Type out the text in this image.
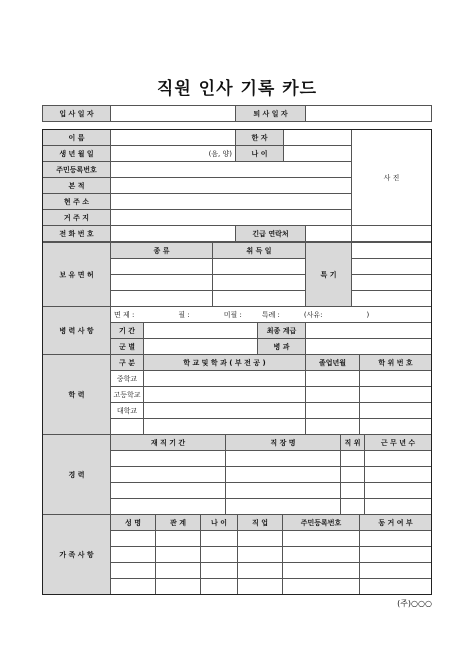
직원 인사 기록 카드
입 사 일 자	퇴 사 일 자
이 름	한 자
생 년 월 일	(음, 양)	나 이
주민등록번호
본 적
현 주 소
거 주 지
전 화 번 호	긴급 연락처
사 진
보 유 면 허
종 류	취 득 일
특 기
병 력 사 항
면 제 :	필 :	미필 :	특례 :	(사유:	)
기 간	최종 계급
군 별	병 과
학 력
구 분	학 교 및 학 과 ( 부 전 공 )	졸업년월	학 위 번 호
중학교
고등학교
대학교
경 력
재 직 기 간	직 장 명	직 위	근 무 년 수
가 족 사 항
성 명	관 계	나 이	직 업	주민등록번호	동 거 여 부
(주)○○○
